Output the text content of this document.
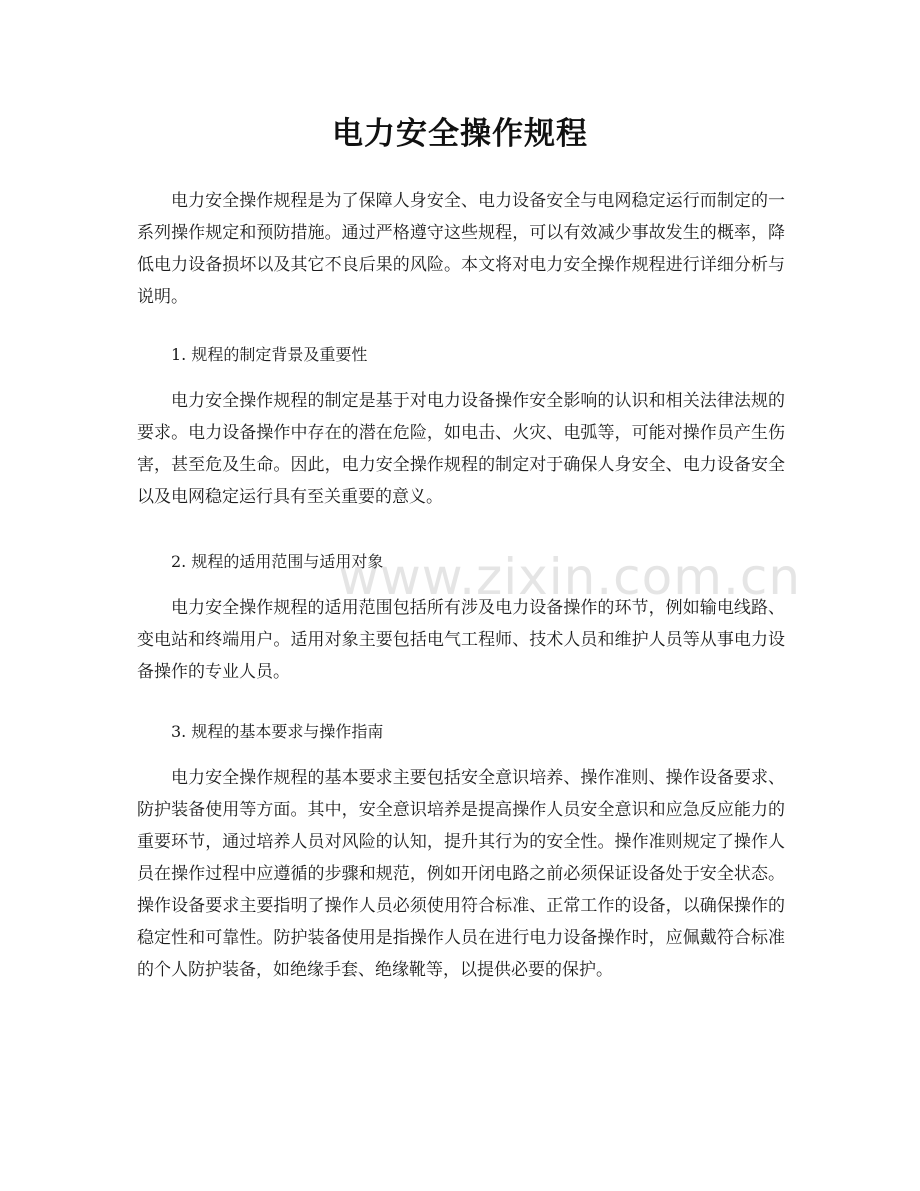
电力安全操作规程

电力安全操作规程是为了保障人身安全、电力设备安全与电网稳定运行而制定的一系列操作规定和预防措施。通过严格遵守这些规程，可以有效减少事故发生的概率，降低电力设备损坏以及其它不良后果的风险。本文将对电力安全操作规程进行详细分析与说明。

1. 规程的制定背景及重要性

电力安全操作规程的制定是基于对电力设备操作安全影响的认识和相关法律法规的要求。电力设备操作中存在的潜在危险，如电击、火灾、电弧等，可能对操作员产生伤害，甚至危及生命。因此，电力安全操作规程的制定对于确保人身安全、电力设备安全以及电网稳定运行具有至关重要的意义。

2. 规程的适用范围与适用对象

电力安全操作规程的适用范围包括所有涉及电力设备操作的环节，例如输电线路、变电站和终端用户。适用对象主要包括电气工程师、技术人员和维护人员等从事电力设备操作的专业人员。

3. 规程的基本要求与操作指南

电力安全操作规程的基本要求主要包括安全意识培养、操作准则、操作设备要求、防护装备使用等方面。其中，安全意识培养是提高操作人员安全意识和应急反应能力的重要环节，通过培养人员对风险的认知，提升其行为的安全性。操作准则规定了操作人员在操作过程中应遵循的步骤和规范，例如开闭电路之前必须保证设备处于安全状态。操作设备要求主要指明了操作人员必须使用符合标准、正常工作的设备，以确保操作的稳定性和可靠性。防护装备使用是指操作人员在进行电力设备操作时，应佩戴符合标准的个人防护装备，如绝缘手套、绝缘靴等，以提供必要的保护。

www.zixin.com.cn
